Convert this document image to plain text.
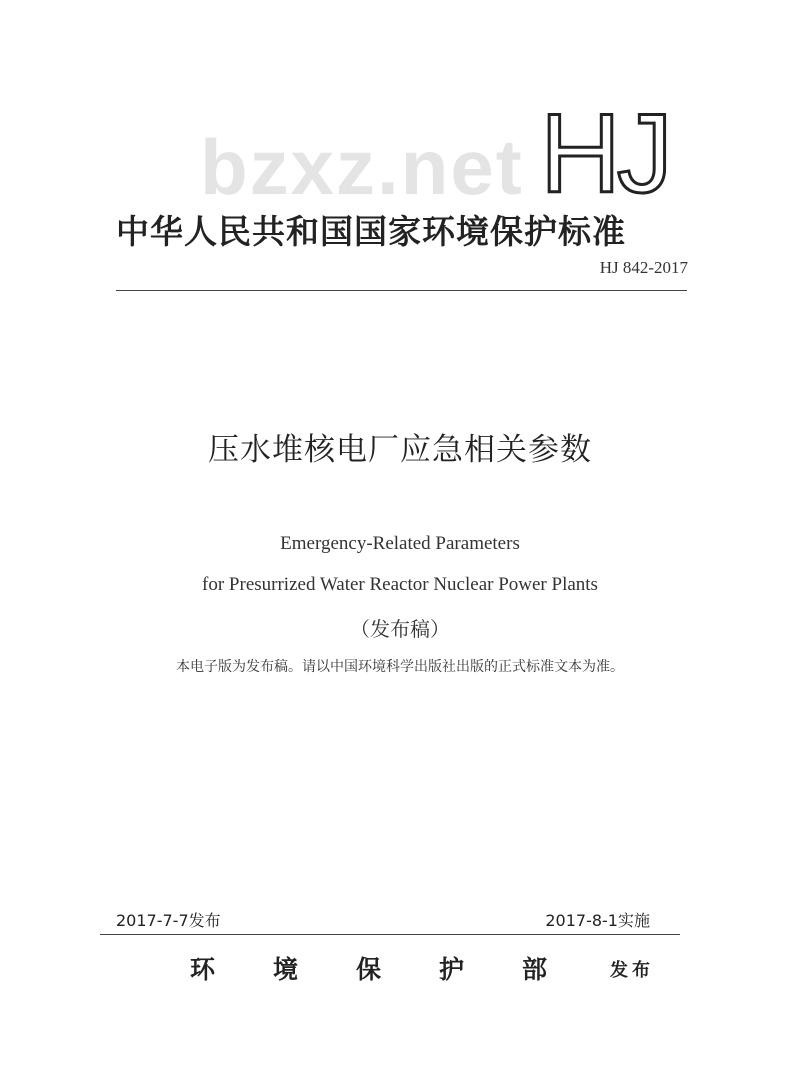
bzxz.net HJ
中华人民共和国国家环境保护标准
HJ 842-2017
压水堆核电厂应急相关参数
Emergency-Related Parameters
for Presurrized Water Reactor Nuclear Power Plants
（发布稿）
本电子版为发布稿。请以中国环境科学出版社出版的正式标准文本为准。
2017-7-7发布	2017-8-1实施
环境保护部 发布
